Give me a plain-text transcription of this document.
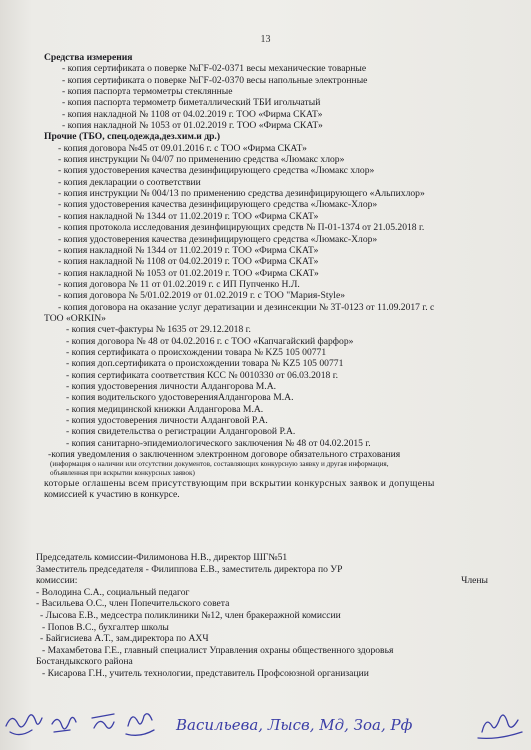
13
Средства измерения
- копия сертификата о поверке №ГF-02-0371 весы механические товарные
- копия сертификата о поверке №ГF-02-0370 весы напольные электронные
- копия паспорта термометры стеклянные
- копия паспорта термометр биметаллический ТБИ игольчатый
- копия накладной № 1108 от 04.02.2019 г. ТОО «Фирма СКАТ»
- копия накладной № 1053 от 01.02.2019 г. ТОО «Фирма СКАТ»
Прочие (ТБО, спец.одежда,дез.хим.и др.)
- копия договора №45 от 09.01.2016 г. с ТОО «Фирма СКАТ»
- копия инструкции № 04/07 по применению средства «Люмакс хлор»
- копия удостоверения качества дезинфицирующего средства «Люмакс хлор»
- копия декларации о соответствии
- копия инструкции № 004/13 по применению средства дезинфицирующего «Альпихлор»
- копия удостоверения качества дезинфицирующего средства «Люмакс-Хлор»
- копия накладной № 1344 от 11.02.2019 г. ТОО «Фирма СКАТ»
- копия протокола исследования дезинфицирующих средств № П-01-1374 от 21.05.2018 г.
- копия удостоверения качества дезинфицирующего средства «Люмакс-Хлор»
- копия накладной № 1344 от 11.02.2019 г. ТОО «Фирма СКАТ»
- копия накладной № 1108 от 04.02.2019 г. ТОО «Фирма СКАТ»
- копия накладной № 1053 от 01.02.2019 г. ТОО «Фирма СКАТ»
- копия договора № 11 от 01.02.2019 г. с ИП Пупченко Н.Л.
- копия договора № 5/01.02.2019 от 01.02.2019 г. с ТОО "Мария-Style»
- копия договора на оказание услуг дератизации и дезинсекции № 3Т-0123 от 11.09.2017 г. с
ТОО «ORKIN»
- копия счет-фактуры № 1635 от 29.12.2018 г.
- копия договора № 48 от 04.02.2016 г. с ТОО «Капчагайский фарфор»
- копия сертификата о происхождении товара № KZ5 105 00771
- копия доп.сертификата о происхождении товара № KZ5 105 00771
- копия сертификата соответствия КСС № 0010330 от 06.03.2018 г.
- копия удостоверения личности Алдангорова М.А.
- копия водительского удостоверенияАлдангорова М.А.
- копия медицинской книжки Алдангорова М.А.
- копия удостоверения личности Алданговой Р.А.
- копия свидетельства о регистрации Алдангоровой Р.А.
- копия санитарно-эпидемиологического заключения № 48 от 04.02.2015 г.
-копия уведомления о заключенном электронном договоре обязательного страхования
(информация о наличии или отсутствии документов, составляющих конкурсную заявку и другая информация,
объявленная при вскрытии конкурсных заявок)
которые оглашены всем присутствующим при вскрытии конкурсных заявок и допущены
комиссией к участию в конкурсе.
Председатель комиссии-Филимонова Н.В., директор ШГ№51
Заместитель председателя - Филиппова Е.В., заместитель директора по УР
Члены
комиссии:
- Володина С.А., социальный педагог
- Васильева О.С., член Попечительского совета
- Лысова Е.В., медсестра поликлиники №12, член бракеражной комиссии
- Попов В.С., бухгалтер школы
- Байгисиева А.Т., зам.директора по АХЧ
- Махамбетова Г.Е., главный специалист Управления охраны общественного здоровья
Бостандыкского района
- Кисарова Г.Н., учитель технологии, представитель Профсоюзной организации
Васильева, Лысв, Мд, Зоа, Рф
